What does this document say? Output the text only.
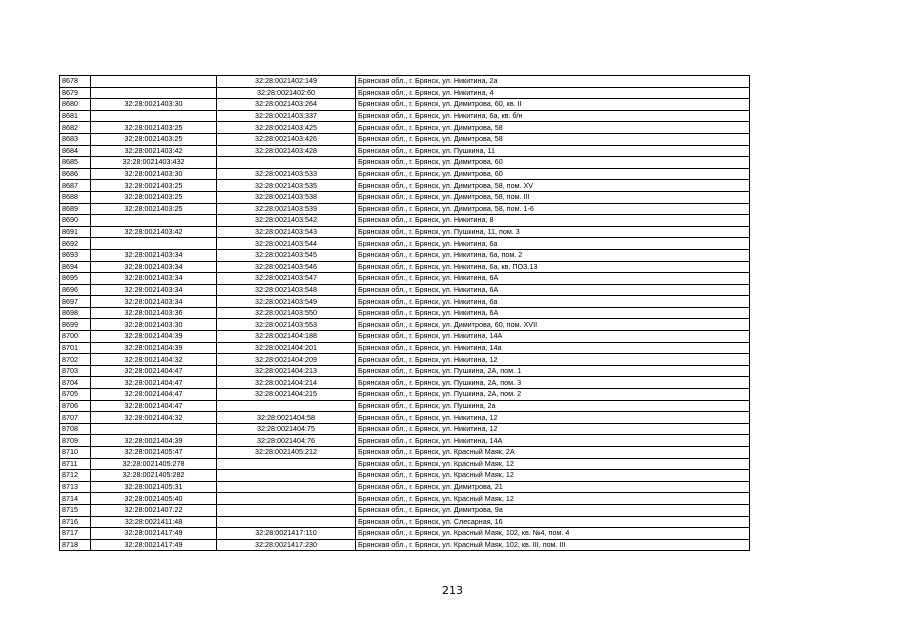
8678		32:28:0021402:149	Брянская обл., г. Брянск, ул. Никитина, 2а
8679		32:28:0021402:60	Брянская обл., г. Брянск, ул. Никитина, 4
8680	32:28:0021403:30	32:28:0021403:264	Брянская обл., г. Брянск, ул. Димитрова, 60, кв. II
8681		32:28:0021403:337	Брянская обл., г. Брянск, ул. Никитина, 6а, кв. б/н
8682	32:28:0021403:25	32:28:0021403:425	Брянская обл., г. Брянск, ул. Димитрова, 58
8683	32:28:0021403:25	32:28:0021403:426	Брянская обл., г. Брянск, ул. Димитрова, 58
8684	32:28:0021403:42	32:28:0021403:428	Брянская обл., г. Брянск, ул. Пушкина, 11
8685	32:28:0021403:432		Брянская обл., г. Брянск, ул. Димитрова, 60
8686	32:28:0021403:30	32:28:0021403:533	Брянская обл., г. Брянск, ул. Димитрова, 60
8687	32:28:0021403:25	32:28:0021403:535	Брянская обл., г. Брянск, ул. Димитрова, 58, пом. XV
8688	32:28:0021403:25	32:28:0021403:538	Брянская обл., г. Брянск, ул. Димитрова, 58, пом. III
8689	32:28:0021403:25	32:28:0021403:539	Брянская обл., г. Брянск, ул. Димитрова, 58, пом. 1-6
8690		32:28:0021403:542	Брянская обл., г. Брянск, ул. Никитина, 8
8691	32:28:0021403:42	32:28:0021403:543	Брянская обл., г. Брянск, ул. Пушкина, 11, пом. 3
8692		32:28:0021403:544	Брянская обл., г. Брянск, ул. Никитина, 6а
8693	32:28:0021403:34	32:28:0021403:545	Брянская обл., г. Брянск, ул. Никитина, 6а, пом. 2
8694	32:28:0021403:34	32:28:0021403:546	Брянская обл., г. Брянск, ул. Никитина, 6а, кв. ПОЗ.13
8695	32:28:0021403:34	32:28:0021403:547	Брянская обл., г. Брянск, ул. Никитина, 6А
8696	32:28:0021403:34	32:28:0021403:548	Брянская обл., г. Брянск, ул. Никитина, 6А
8697	32:28:0021403:34	32:28:0021403:549	Брянская обл., г. Брянск, ул. Никитина, 6а
8698	32:28:0021403:36	32:28:0021403:550	Брянская обл., г. Брянск, ул. Никитина, 6А
8699	32:28:0021403:30	32:28:0021403:553	Брянская обл., г. Брянск, ул. Димитрова, 60, пом. XVII
8700	32:28:0021404:39	32:28:0021404:188	Брянская обл., г. Брянск, ул. Никитина, 14А
8701	32:28:0021404:39	32:28:0021404:201	Брянская обл., г. Брянск, ул. Никитина, 14а
8702	32:28:0021404:32	32:28:0021404:209	Брянская обл., г. Брянск, ул. Никитина, 12
8703	32:28:0021404:47	32:28:0021404:213	Брянская обл., г. Брянск, ул. Пушкина, 2А, пом. 1
8704	32:28:0021404:47	32:28:0021404:214	Брянская обл., г. Брянск, ул. Пушкина, 2А, пом. 3
8705	32:28:0021404:47	32:28:0021404:215	Брянская обл., г. Брянск, ул. Пушкина, 2А, пом. 2
8706	32:28:0021404:47		Брянская обл., г. Брянск, ул. Пушкина, 2а
8707	32:28:0021404:32	32:28:0021404:58	Брянская обл., г. Брянск, ул. Никитина, 12
8708		32:28:0021404:75	Брянская обл., г. Брянск, ул. Никитина, 12
8709	32:28:0021404:39	32:28:0021404:76	Брянская обл., г. Брянск, ул. Никитина, 14А
8710	32:28:0021405:47	32:28:0021405:212	Брянская обл., г. Брянск, ул. Красный Маяк, 2А
8711	32:28:0021405:278		Брянская обл., г. Брянск, ул. Красный Маяк, 12
8712	32:28:0021405:282		Брянская обл., г. Брянск, ул. Красный Маяк, 12
8713	32:28:0021405:31		Брянская обл., г. Брянск, ул. Димитрова, 21
8714	32:28:0021405:40		Брянская обл., г. Брянск, ул. Красный Маяк, 12
8715	32:28:0021407:22		Брянская обл., г. Брянск, ул. Димитрова, 9а
8716	32:28:0021411:48		Брянская обл., г. Брянск, ул. Слесарная, 16
8717	32:28:0021417:49	32:28:0021417:110	Брянская обл., г. Брянск, ул. Красный Маяк, 102, кв. №4, пом. 4
8718	32:28:0021417:49	32:28:0021417:230	Брянская обл., г. Брянск, ул. Красный Маяк, 102, кв. III, пом. III
213
